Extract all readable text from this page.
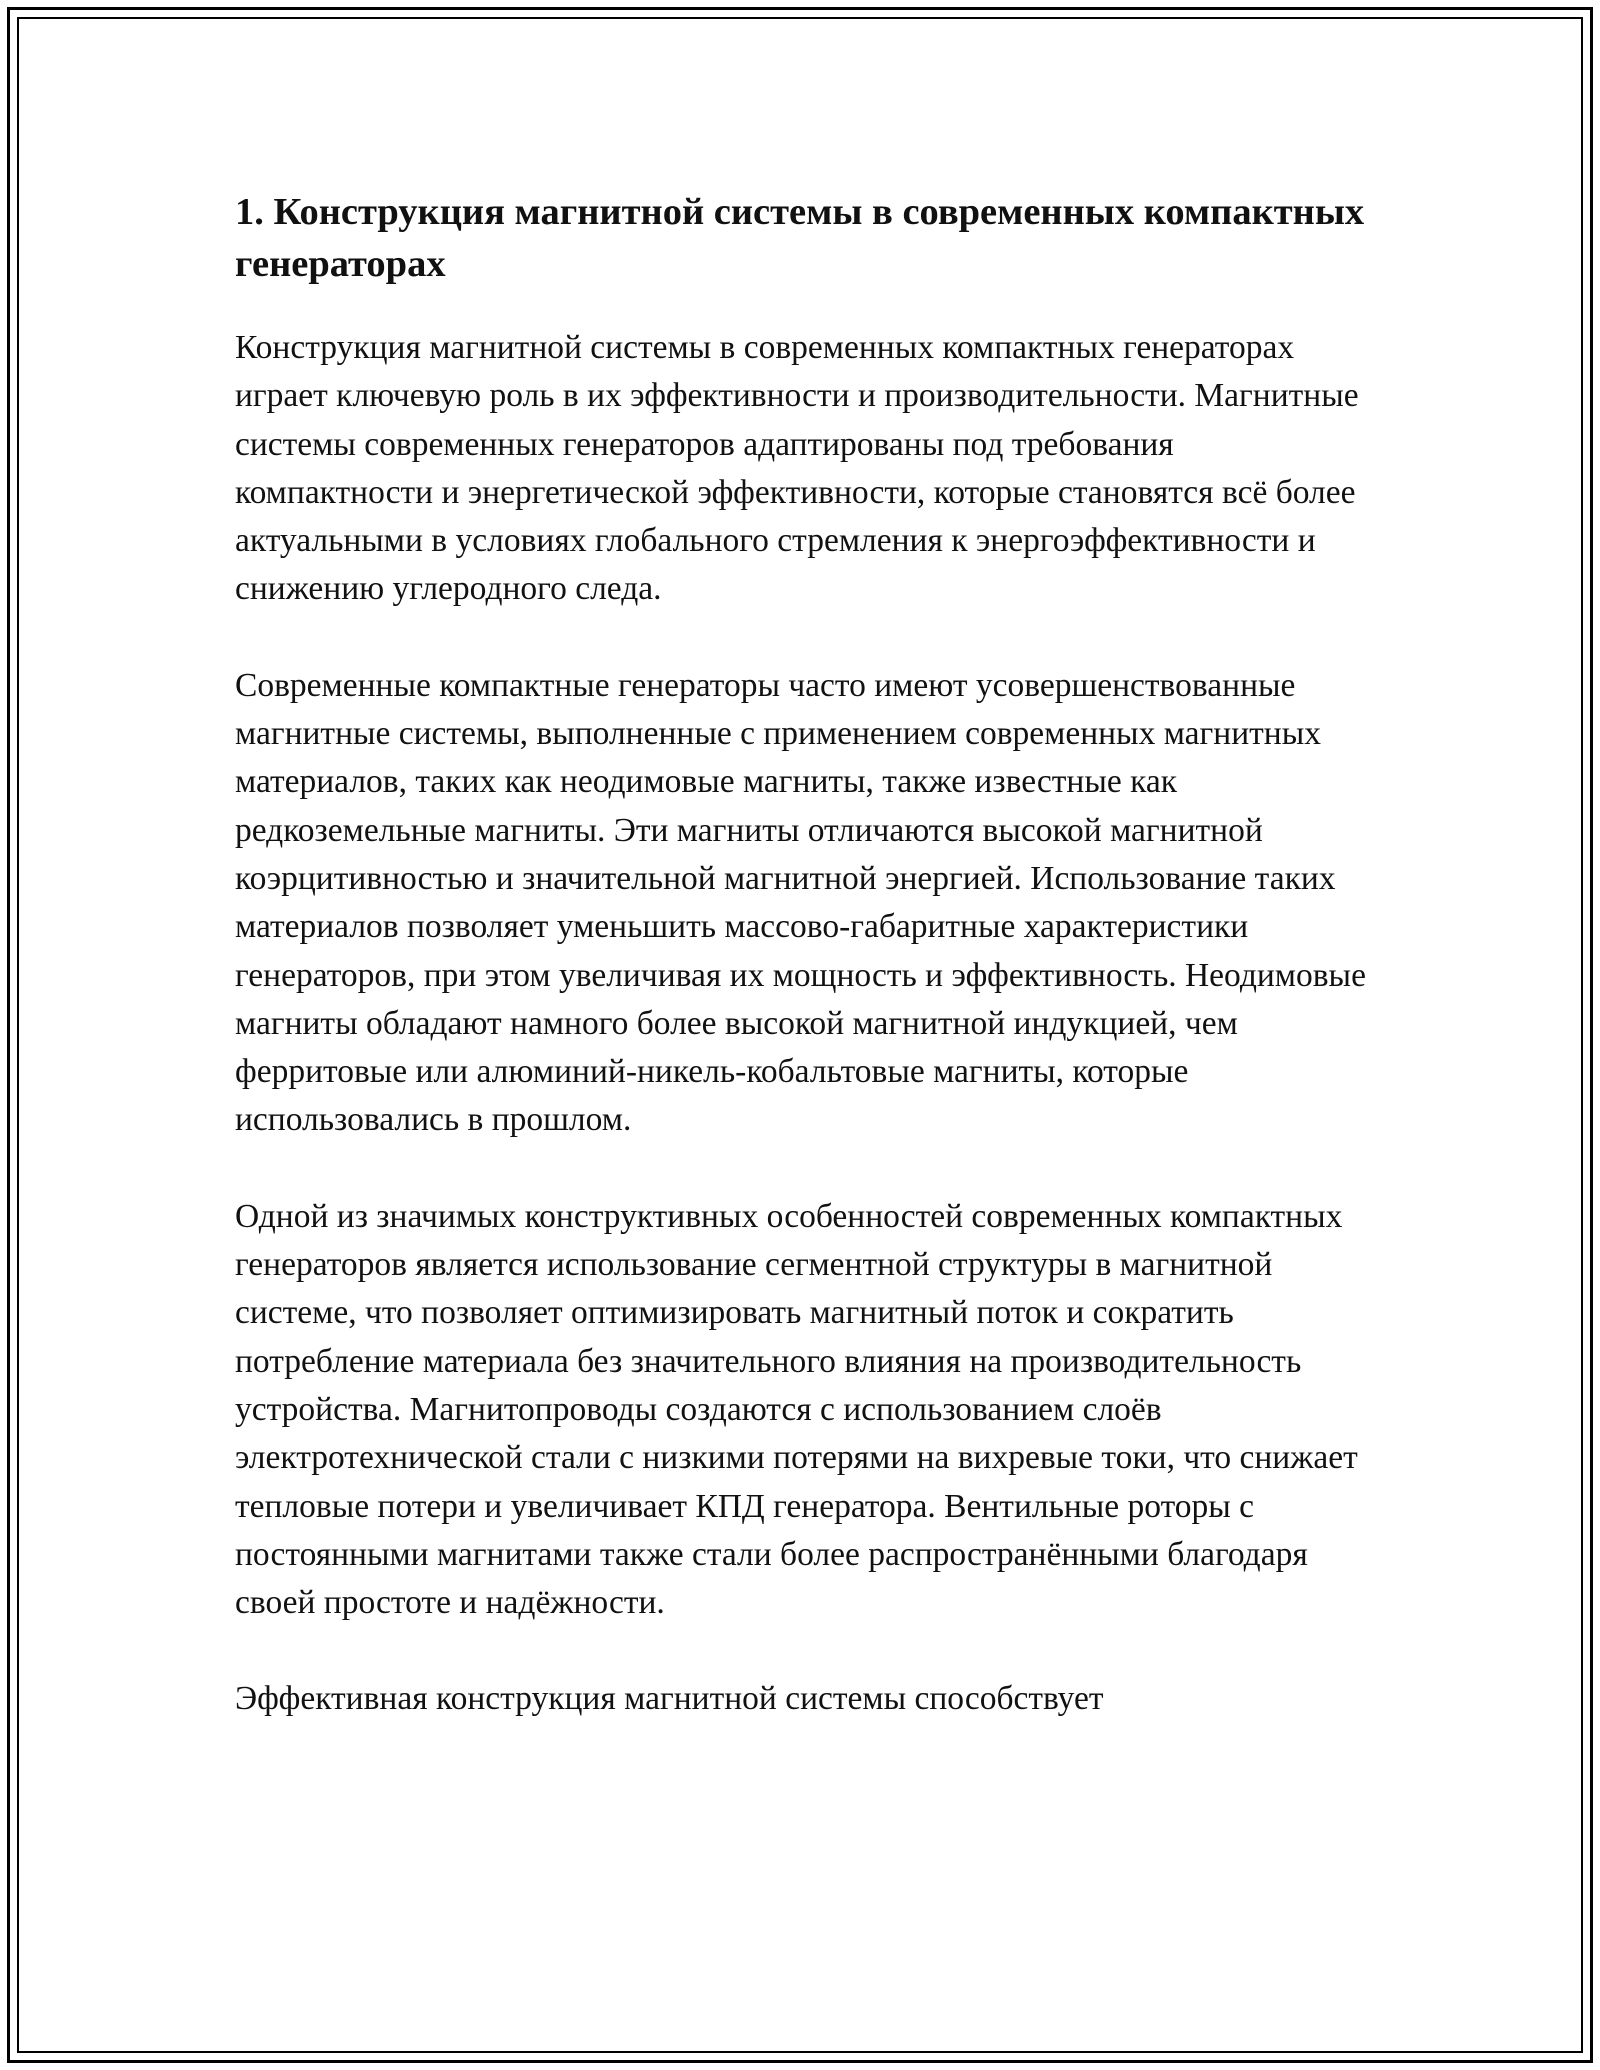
1. Конструкция магнитной системы в современных компактных генераторах

Конструкция магнитной системы в современных компактных генераторах играет ключевую роль в их эффективности и производительности. Магнитные системы современных генераторов адаптированы под требования компактности и энергетической эффективности, которые становятся всё более актуальными в условиях глобального стремления к энергоэффективности и снижению углеродного следа.

Современные компактные генераторы часто имеют усовершенствованные магнитные системы, выполненные с применением современных магнитных материалов, таких как неодимовые магниты, также известные как редкоземельные магниты. Эти магниты отличаются высокой магнитной коэрцитивностью и значительной магнитной энергией. Использование таких материалов позволяет уменьшить массово-габаритные характеристики генераторов, при этом увеличивая их мощность и эффективность. Неодимовые магниты обладают намного более высокой магнитной индукцией, чем ферритовые или алюминий-никель-кобальтовые магниты, которые использовались в прошлом.

Одной из значимых конструктивных особенностей современных компактных генераторов является использование сегментной структуры в магнитной системе, что позволяет оптимизировать магнитный поток и сократить потребление материала без значительного влияния на производительность устройства. Магнитопроводы создаются с использованием слоёв электротехнической стали с низкими потерями на вихревые токи, что снижает тепловые потери и увеличивает КПД генератора. Вентильные роторы с постоянными магнитами также стали более распространёнными благодаря своей простоте и надёжности.

Эффективная конструкция магнитной системы способствует
